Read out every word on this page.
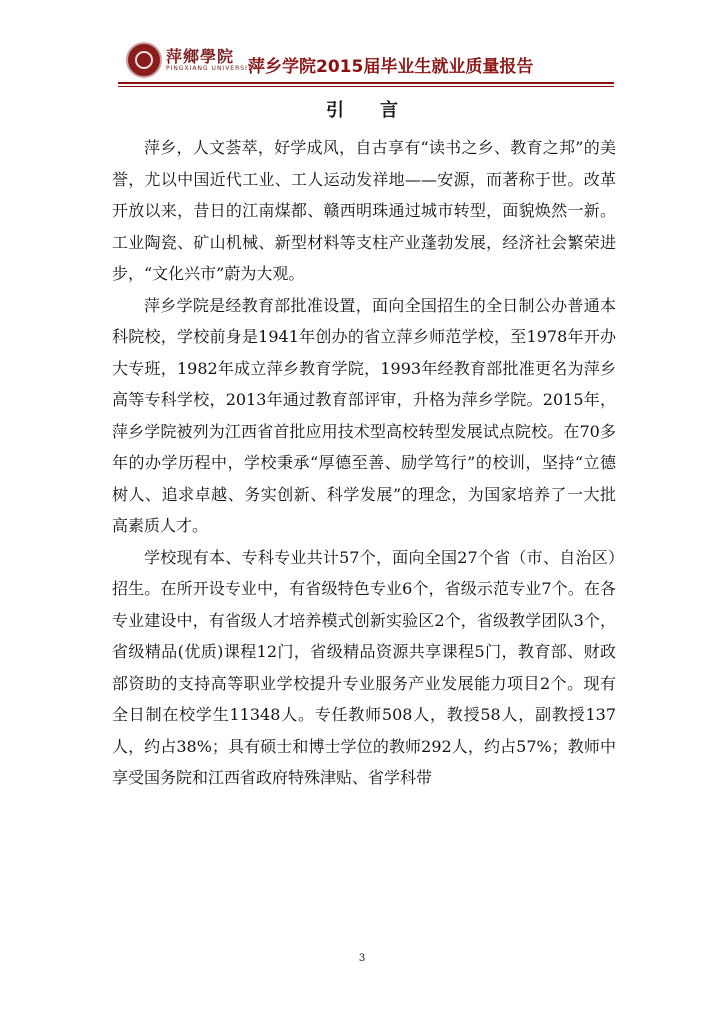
萍鄉學院
PINGXIANG UNIVERSITY
萍乡学院2015届毕业生就业质量报告
引言

萍乡，人文荟萃，好学成风，自古享有“读书之乡、教育之邦”的美誉，尤以中国近代工业、工人运动发祥地——安源，而著称于世。改革开放以来，昔日的江南煤都、赣西明珠通过城市转型，面貌焕然一新。工业陶瓷、矿山机械、新型材料等支柱产业蓬勃发展，经济社会繁荣进步，“文化兴市”蔚为大观。

萍乡学院是经教育部批准设置，面向全国招生的全日制公办普通本科院校，学校前身是1941年创办的省立萍乡师范学校，至1978年开办大专班，1982年成立萍乡教育学院，1993年经教育部批准更名为萍乡高等专科学校，2013年通过教育部评审，升格为萍乡学院。2015年，萍乡学院被列为江西省首批应用技术型高校转型发展试点院校。在70多年的办学历程中，学校秉承“厚德至善、励学笃行”的校训，坚持“立德树人、追求卓越、务实创新、科学发展”的理念，为国家培养了一大批高素质人才。

学校现有本、专科专业共计57个，面向全国27个省（市、自治区）招生。在所开设专业中，有省级特色专业6个，省级示范专业7个。在各专业建设中，有省级人才培养模式创新实验区2个，省级教学团队3个，省级精品(优质)课程12门，省级精品资源共享课程5门，教育部、财政部资助的支持高等职业学校提升专业服务产业发展能力项目2个。现有全日制在校学生11348人。专任教师508人，教授58人，副教授137人，约占38%；具有硕士和博士学位的教师292人，约占57%；教师中享受国务院和江西省政府特殊津贴、省学科带

3
